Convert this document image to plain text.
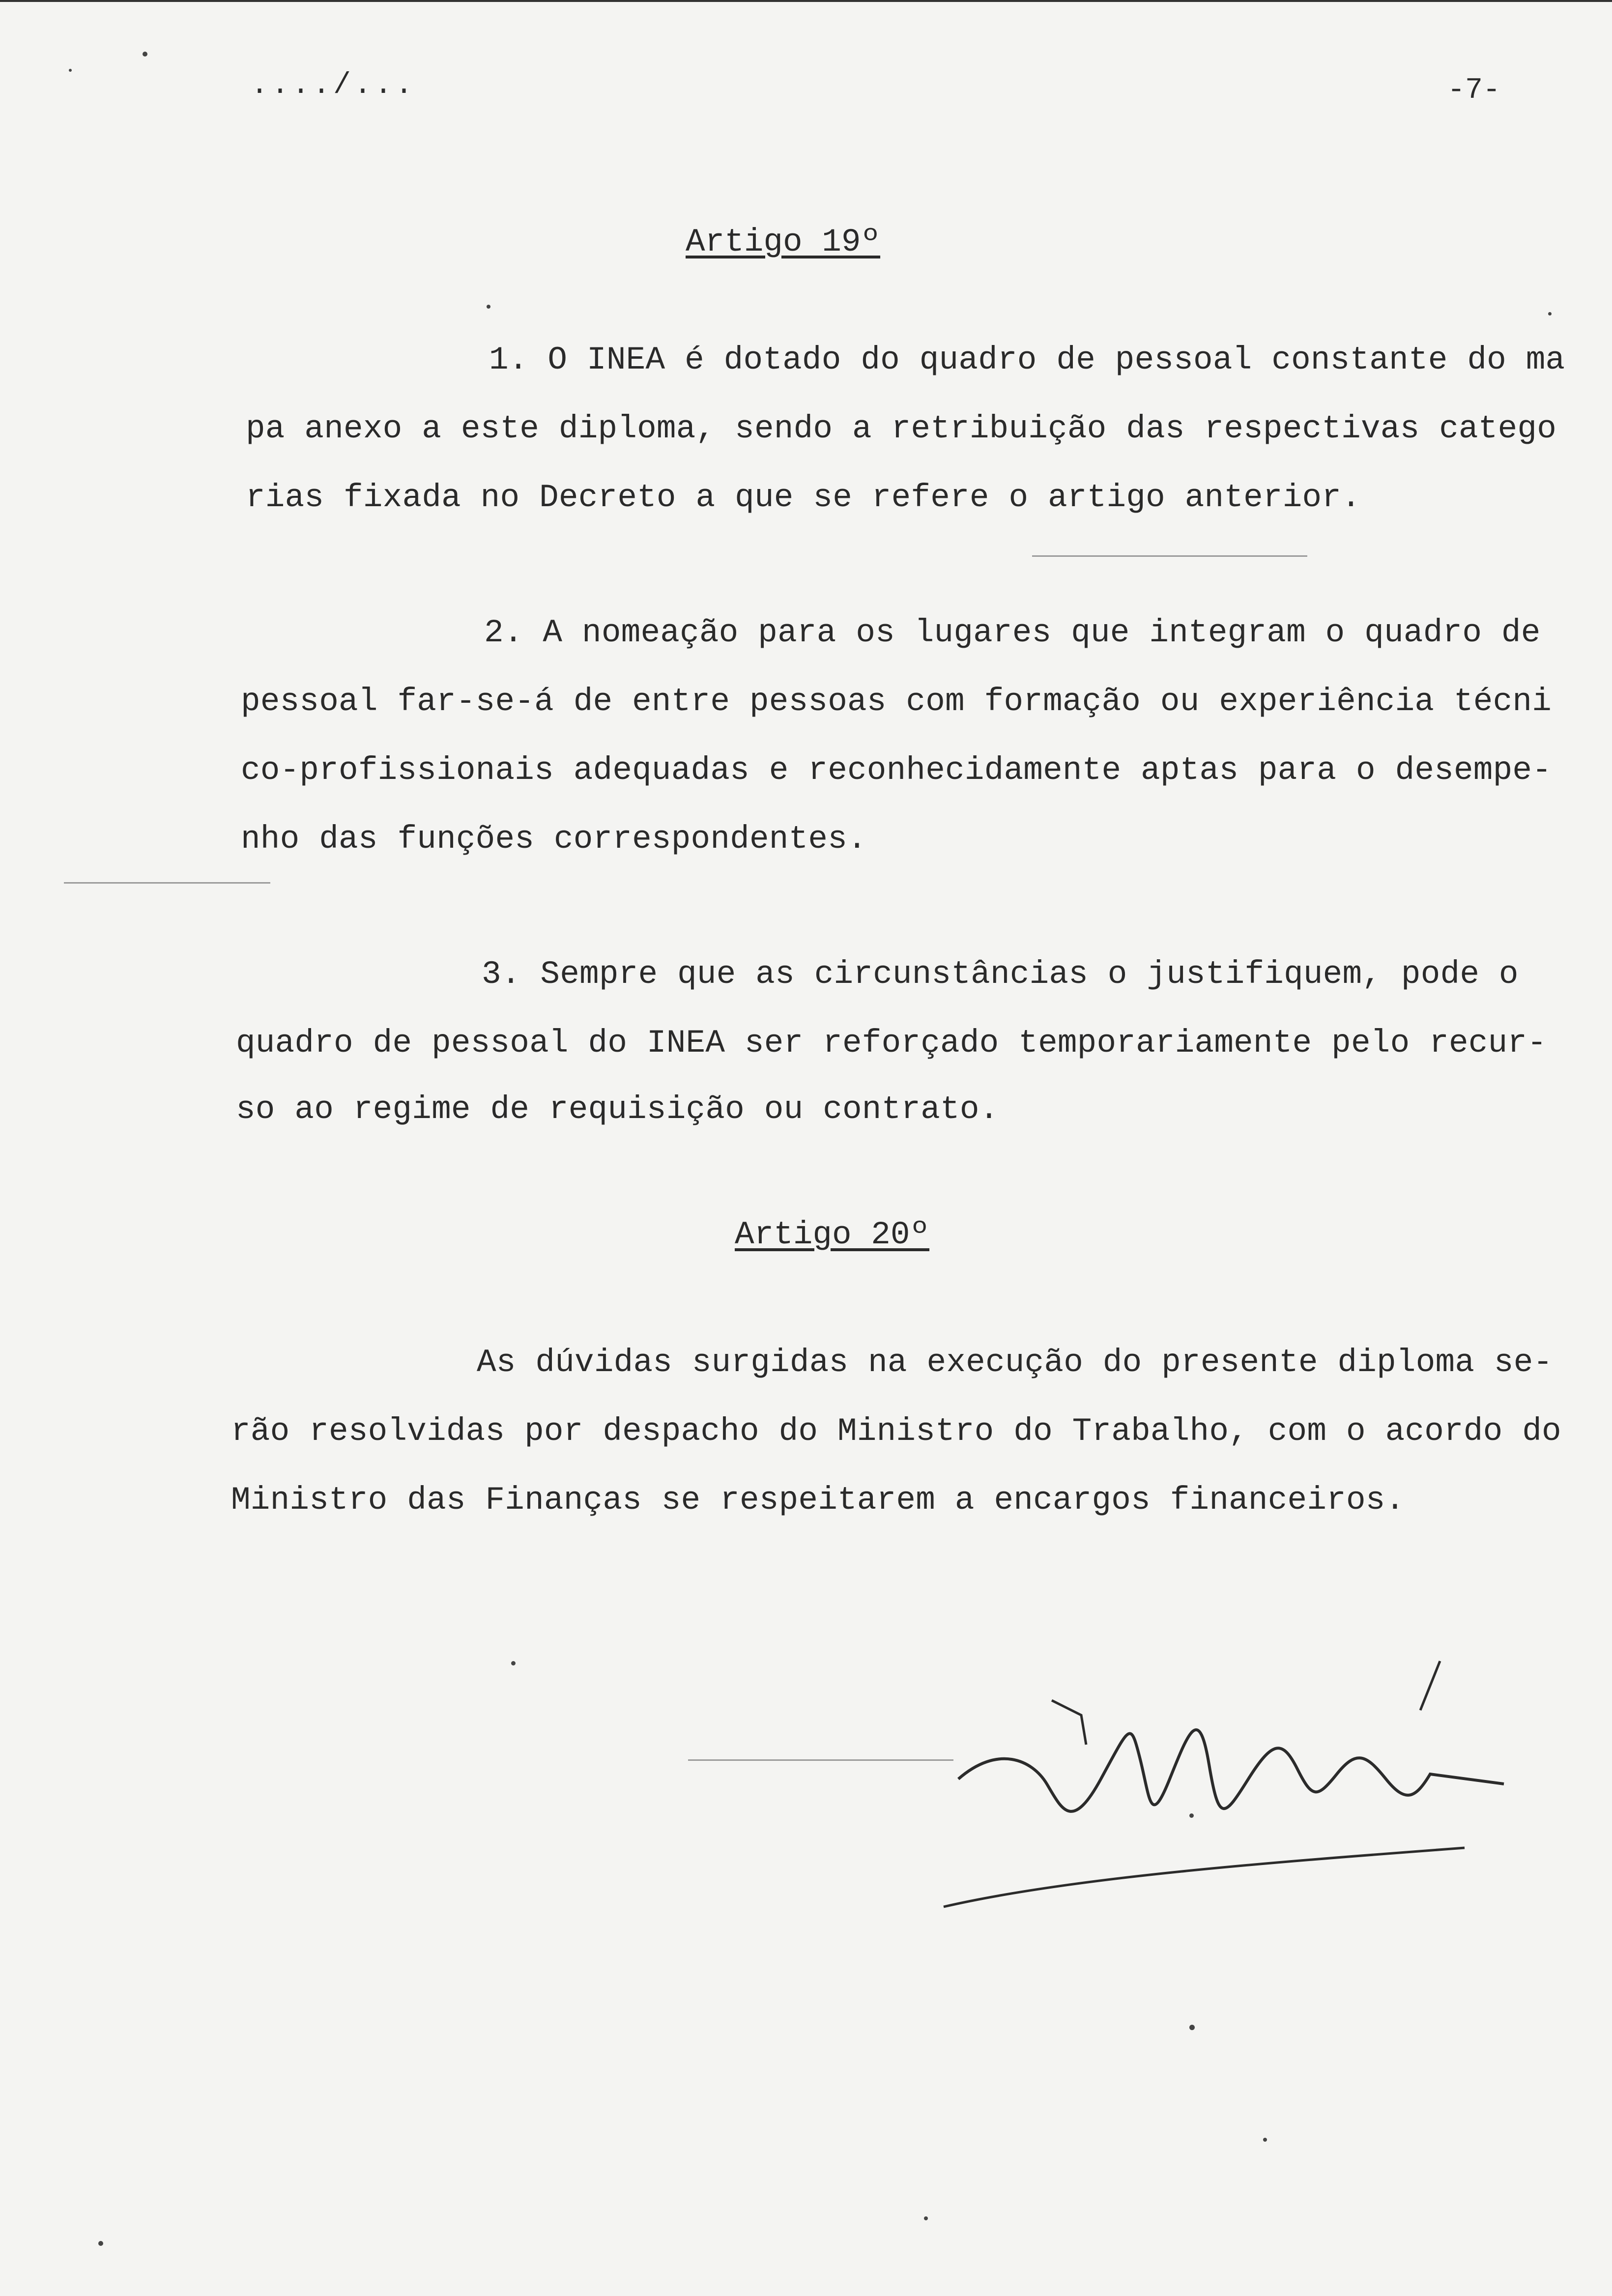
..../...	-7-
Artigo 19º
1. O INEA é dotado do quadro de pessoal constante do ma
pa anexo a este diploma, sendo a retribuição das respectivas catego
rias fixada no Decreto a que se refere o artigo anterior.
2. A nomeação para os lugares que integram o quadro de
pessoal far-se-á de entre pessoas com formação ou experiência técni
co-profissionais adequadas e reconhecidamente aptas para o desempe-
nho das funções correspondentes.
3. Sempre que as circunstâncias o justifiquem, pode o
quadro de pessoal do INEA ser reforçado temporariamente pelo recur-
so ao regime de requisição ou contrato.
Artigo 20º
As dúvidas surgidas na execução do presente diploma se-
rão resolvidas por despacho do Ministro do Trabalho, com o acordo do
Ministro das Finanças se respeitarem a encargos financeiros.
